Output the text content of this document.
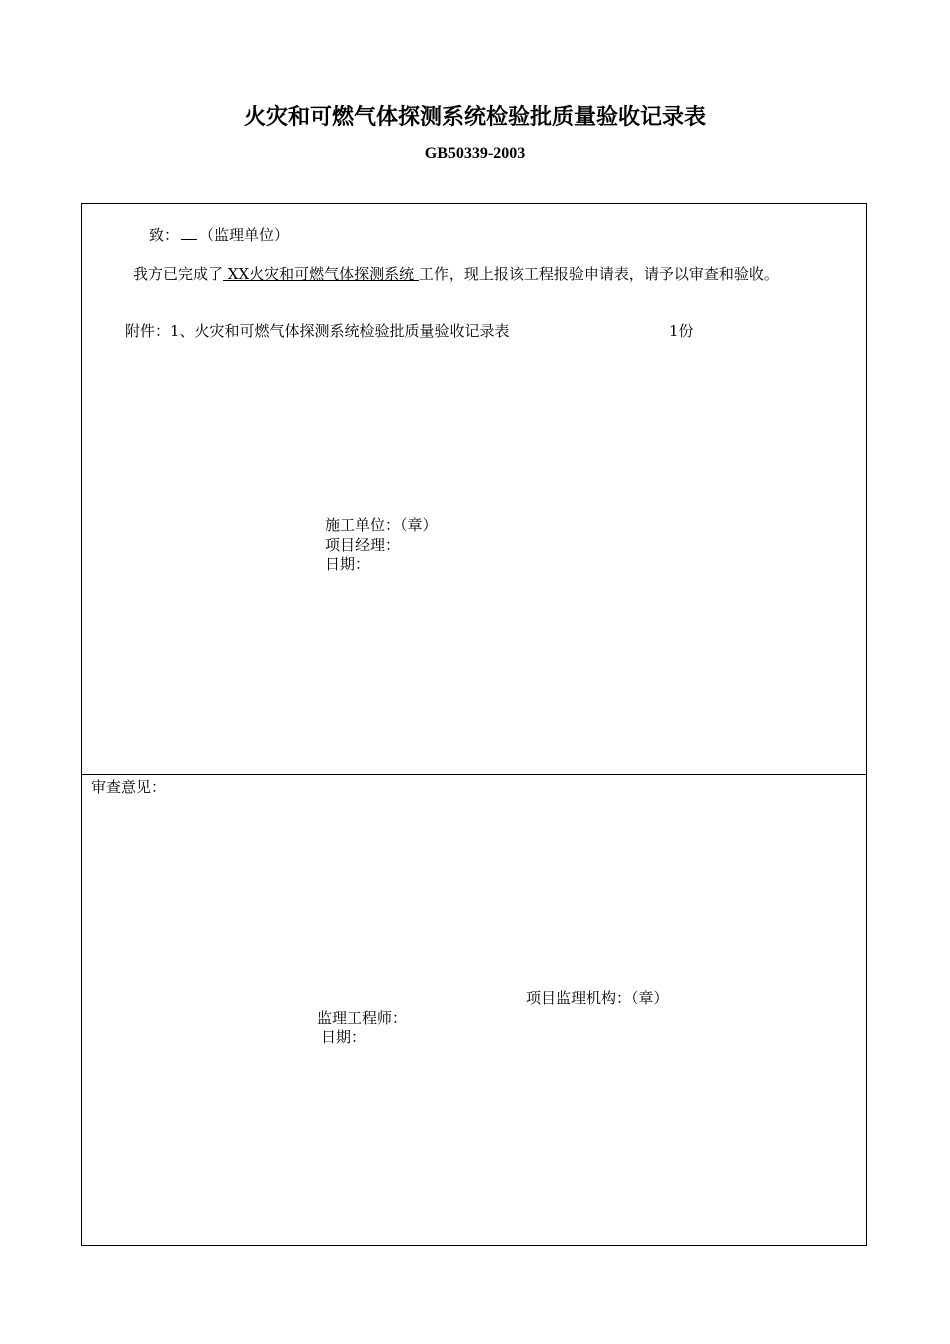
火灾和可燃气体探测系统检验批质量验收记录表
GB50339-2003
致： （监理单位）
我方已完成了 XX火灾和可燃气体探测系统 工作，现上报该工程报验申请表，请予以审查和验收。
附件：1、火灾和可燃气体探测系统检验批质量验收记录表	1份
施工单位：（章）
项目经理：
日期：
审查意见：
项目监理机构：（章）
监理工程师：
日期：
